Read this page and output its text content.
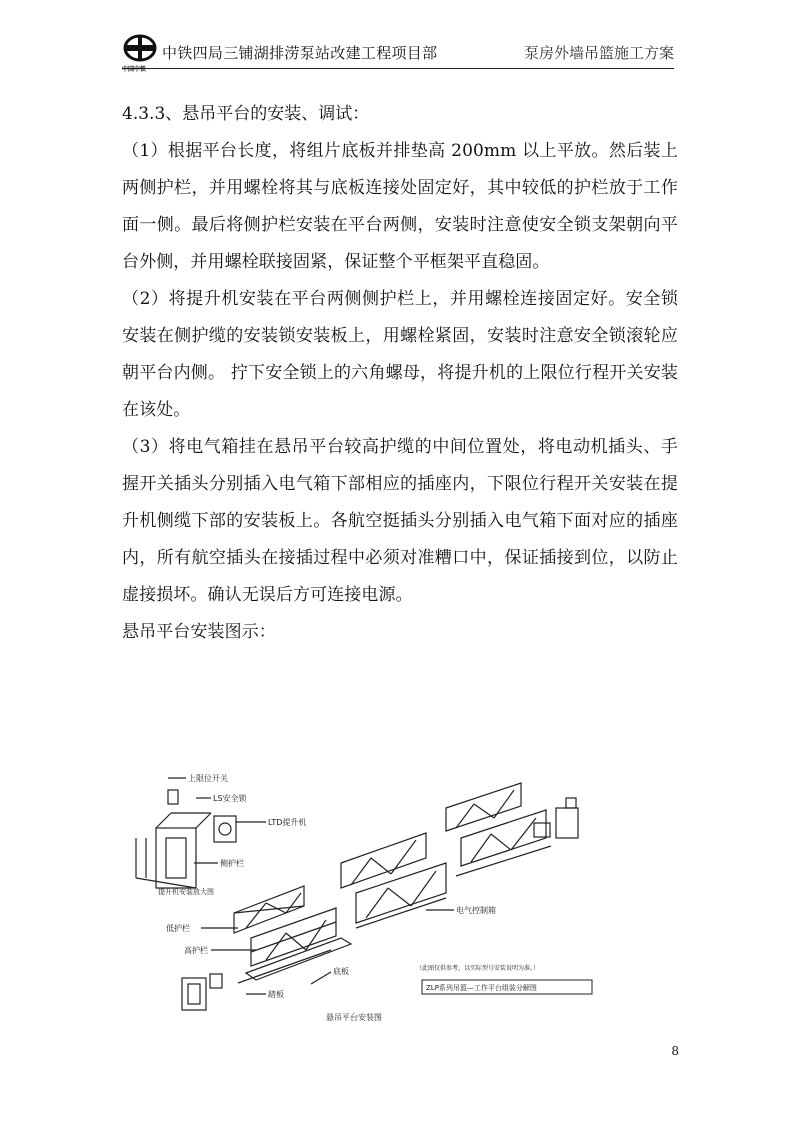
中国中铁
中铁四局三铺湖排涝泵站改建工程项目部	泵房外墙吊篮施工方案

4.3.3、悬吊平台的安装、调试：

（1）根据平台长度，将组片底板并排垫高 200mm 以上平放。然后装上两侧护栏，并用螺栓将其与底板连接处固定好，其中较低的护栏放于工作面一侧。最后将侧护栏安装在平台两侧，安装时注意使安全锁支架朝向平台外侧，并用螺栓联接固紧，保证整个平框架平直稳固。

（2）将提升机安装在平台两侧侧护栏上，并用螺栓连接固定好。安全锁安装在侧护缆的安装锁安装板上，用螺栓紧固，安装时注意安全锁滚轮应朝平台内侧。 拧下安全锁上的六角螺母，将提升机的上限位行程开关安装在该处。

（3）将电气箱挂在悬吊平台较高护缆的中间位置处，将电动机插头、手握开关插头分别插入电气箱下部相应的插座内，下限位行程开关安装在提升机侧缆下部的安装板上。各航空挺插头分别插入电气箱下面对应的插座内，所有航空插头在接插过程中必须对准糟口中，保证插接到位，以防止虚接损坏。确认无误后方可连接电源。

悬吊平台安装图示：

上限位开关
LS安全锁
LTD提升机
侧护栏
提升机安装放大图
低护栏
高护栏
底板
踏板
电气控制箱
（此图仅供参考，以实际型号安装说明为准。）
ZLP系列吊篮—工作平台组装分解图
悬吊平台安装图
8
